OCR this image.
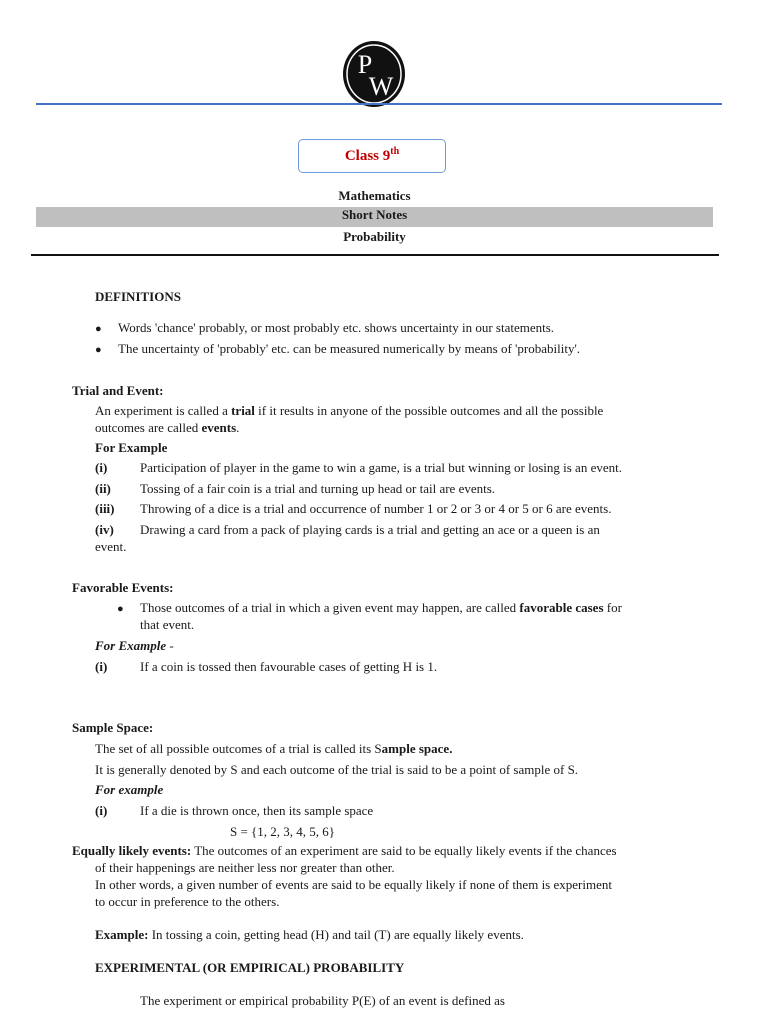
P
W
Class 9th
Mathematics
Short Notes
Probability
DEFINITIONS
● Words 'chance' probably, or most probably etc. shows uncertainty in our statements.
● The uncertainty of 'probably' etc. can be measured numerically by means of 'probability'.
Trial and Event:
An experiment is called a trial if it results in anyone of the possible outcomes and all the possible
outcomes are called events.
For Example
(i)	Participation of player in the game to win a game, is a trial but winning or losing is an event.
(ii) Tossing of a fair coin is a trial and turning up head or tail are events.
(iii) Throwing of a dice is a trial and occurrence of number 1 or 2 or 3 or 4 or 5 or 6 are events.
(iv) Drawing a card from a pack of playing cards is a trial and getting an ace or a queen is an
event.
Favorable Events:
● Those outcomes of a trial in which a given event may happen, are called favorable cases for
that event.
For Example -
(i)	If a coin is tossed then favourable cases of getting H is 1.
Sample Space:
The set of all possible outcomes of a trial is called its Sample space.
It is generally denoted by S and each outcome of the trial is said to be a point of sample of S.
For example
(i)	If a die is thrown once, then its sample space
S = {1, 2, 3, 4, 5, 6}
Equally likely events: The outcomes of an experiment are said to be equally likely events if the chances
of their happenings are neither less nor greater than other.
In other words, a given number of events are said to be equally likely if none of them is experiment
to occur in preference to the others.
Example: In tossing a coin, getting head (H) and tail (T) are equally likely events.
EXPERIMENTAL (OR EMPIRICAL) PROBABILITY
The experiment or empirical probability P(E) of an event is defined as
